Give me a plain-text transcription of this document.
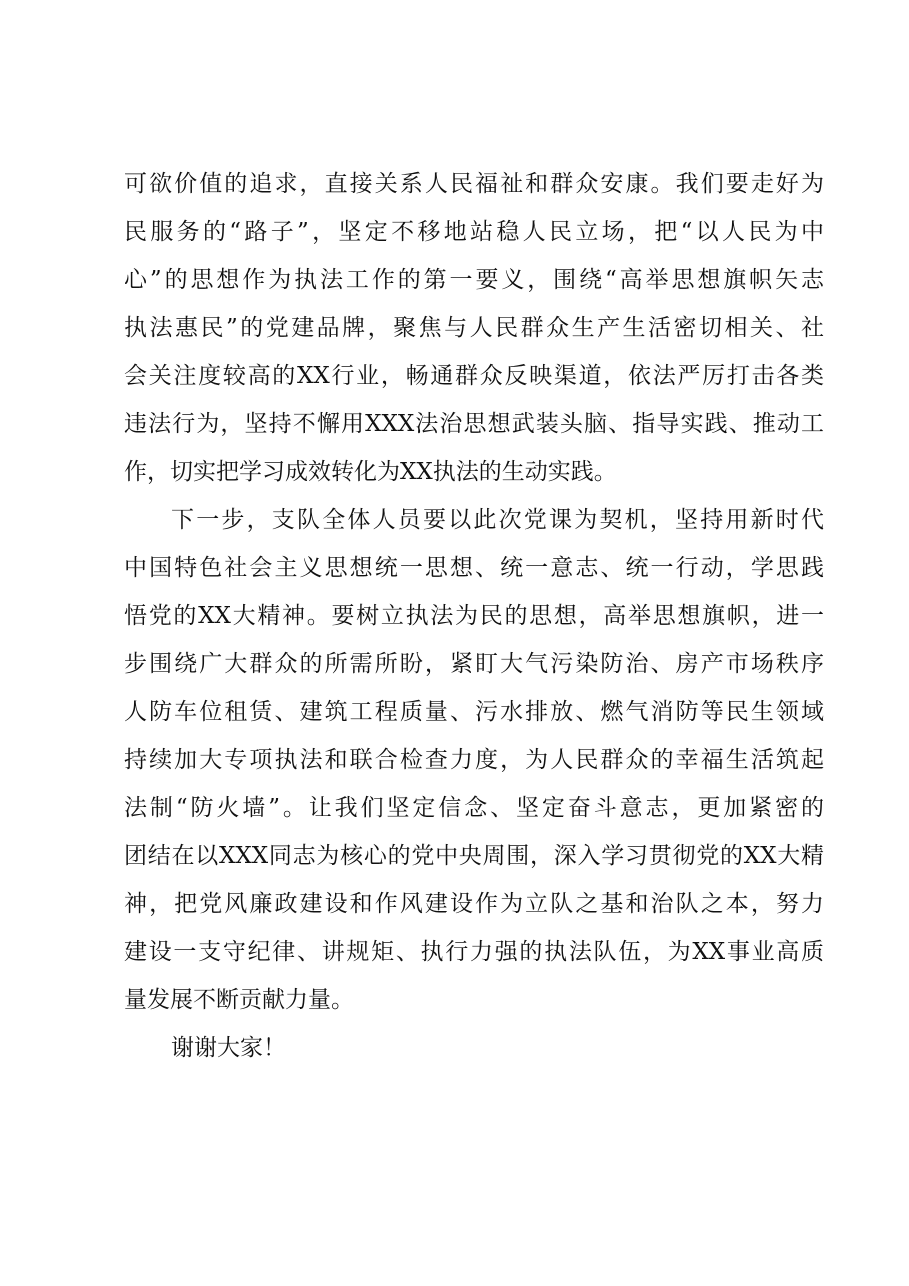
可欲价值的追求，直接关系人民福祉和群众安康。我们要走好为
民服务的“路子”，坚定不移地站稳人民立场，把“以人民为中
心”的思想作为执法工作的第一要义，围绕“高举思想旗帜矢志
执法惠民”的党建品牌，聚焦与人民群众生产生活密切相关、社
会关注度较高的XX行业，畅通群众反映渠道，依法严厉打击各类
违法行为，坚持不懈用XXX法治思想武装头脑、指导实践、推动工
作，切实把学习成效转化为XX执法的生动实践。
下一步，支队全体人员要以此次党课为契机，坚持用新时代
中国特色社会主义思想统一思想、统一意志、统一行动，学思践
悟党的XX大精神。要树立执法为民的思想，高举思想旗帜，进一
步围绕广大群众的所需所盼，紧盯大气污染防治、房产市场秩序
人防车位租赁、建筑工程质量、污水排放、燃气消防等民生领域
持续加大专项执法和联合检查力度，为人民群众的幸福生活筑起
法制“防火墙”。让我们坚定信念、坚定奋斗意志，更加紧密的
团结在以XXX同志为核心的党中央周围，深入学习贯彻党的XX大精
神，把党风廉政建设和作风建设作为立队之基和治队之本，努力
建设一支守纪律、讲规矩、执行力强的执法队伍，为XX事业高质
量发展不断贡献力量。
谢谢大家！
